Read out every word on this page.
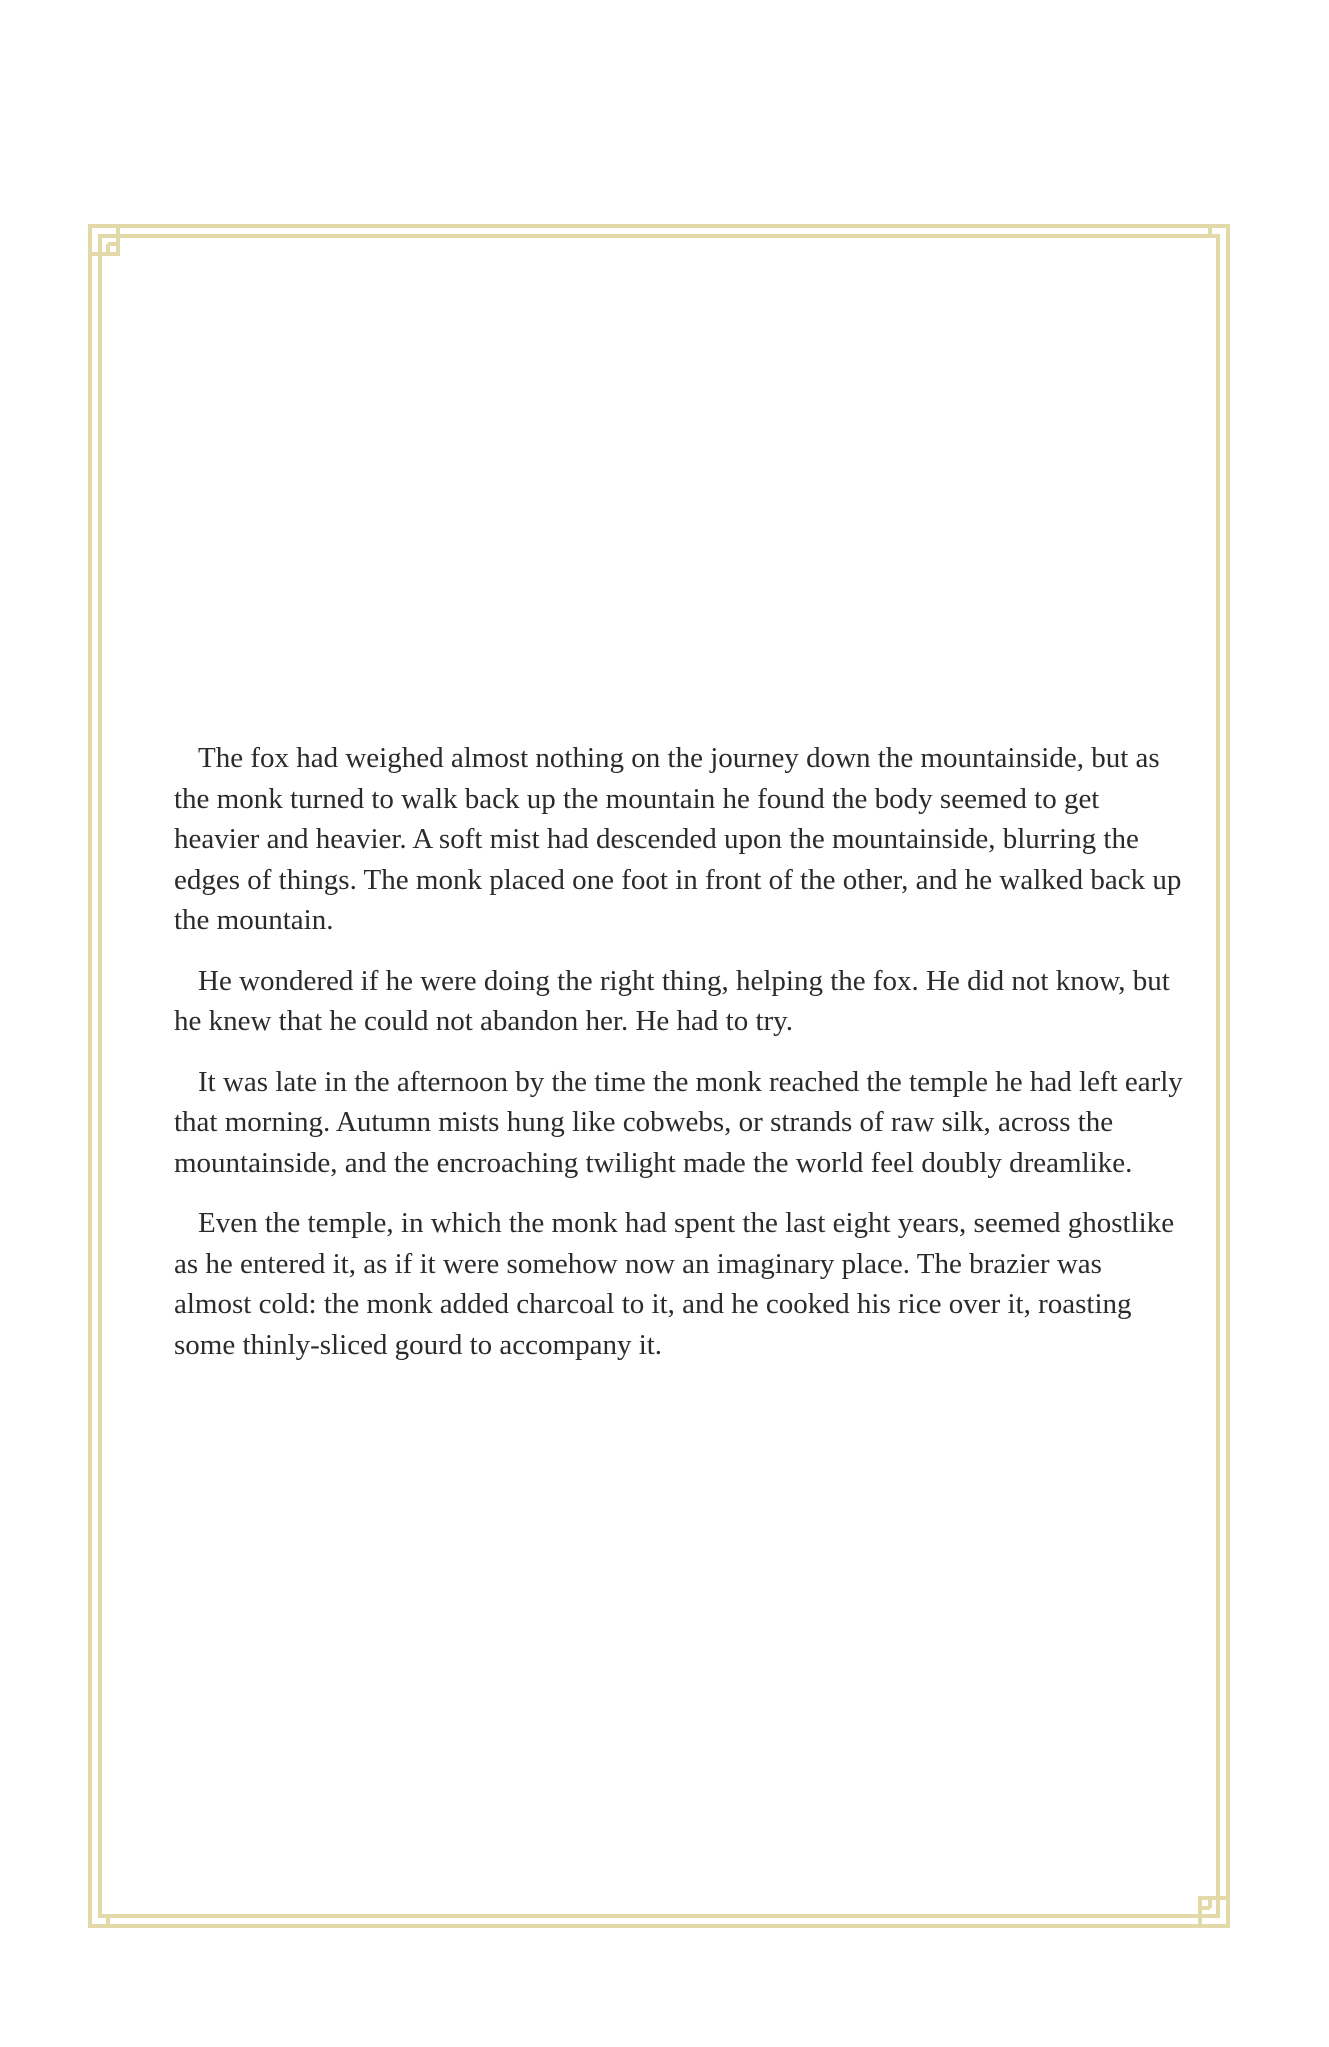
The fox had weighed almost nothing on the journey down the mountainside, but as the monk turned to walk back up the mountain he found the body seemed to get heavier and heavier. A soft mist had descended upon the mountainside, blurring the edges of things. The monk placed one foot in front of the other, and he walked back up the mountain.

He wondered if he were doing the right thing, helping the fox. He did not know, but he knew that he could not abandon her. He had to try.

It was late in the afternoon by the time the monk reached the temple he had left early that morning. Autumn mists hung like cobwebs, or strands of raw silk, across the mountainside, and the encroaching twilight made the world feel doubly dreamlike.

Even the temple, in which the monk had spent the last eight years, seemed ghostlike as he entered it, as if it were somehow now an imaginary place. The brazier was almost cold: the monk added charcoal to it, and he cooked his rice over it, roasting some thinly-sliced gourd to accompany it.
